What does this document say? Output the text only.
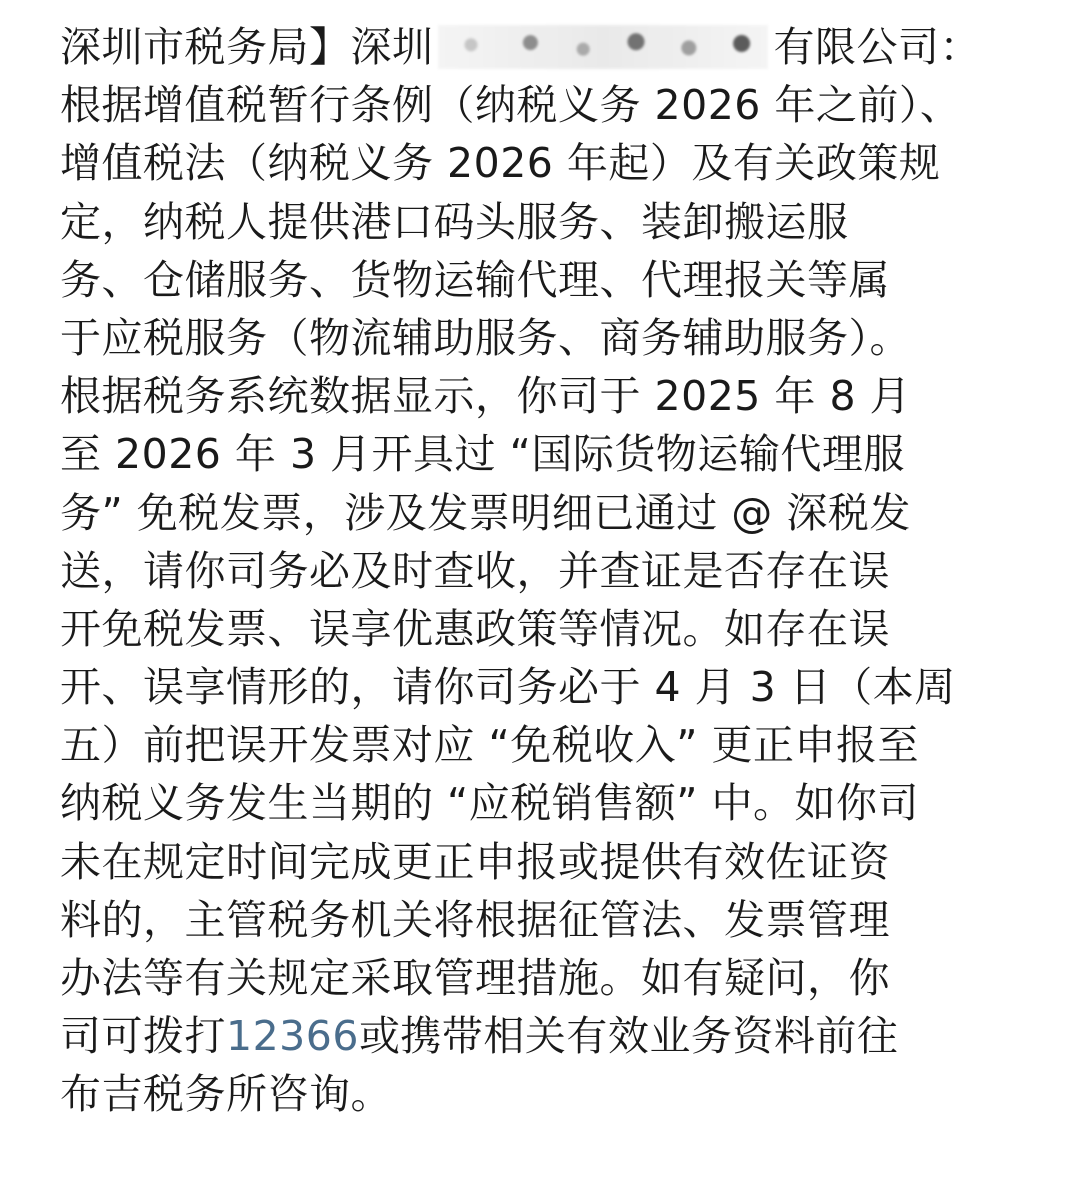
深圳市税务局】深圳	有限公司：
根据增值税暂行条例（纳税义务 2026 年之前）、
增值税法（纳税义务 2026 年起）及有关政策规
定，纳税人提供港口码头服务、装卸搬运服
务、仓储服务、货物运输代理、代理报关等属
于应税服务（物流辅助服务、商务辅助服务）。
根据税务系统数据显示，你司于 2025 年 8 月
至 2026 年 3 月开具过 “国际货物运输代理服
务” 免税发票，涉及发票明细已通过 @ 深税发
送，请你司务必及时查收，并查证是否存在误
开免税发票、误享优惠政策等情况。如存在误
开、误享情形的，请你司务必于 4 月 3 日（本周
五）前把误开发票对应 “免税收入” 更正申报至
纳税义务发生当期的 “应税销售额” 中。如你司
未在规定时间完成更正申报或提供有效佐证资
料的，主管税务机关将根据征管法、发票管理
办法等有关规定采取管理措施。如有疑问，你
司可拨打12366或携带相关有效业务资料前往
布吉税务所咨询。
